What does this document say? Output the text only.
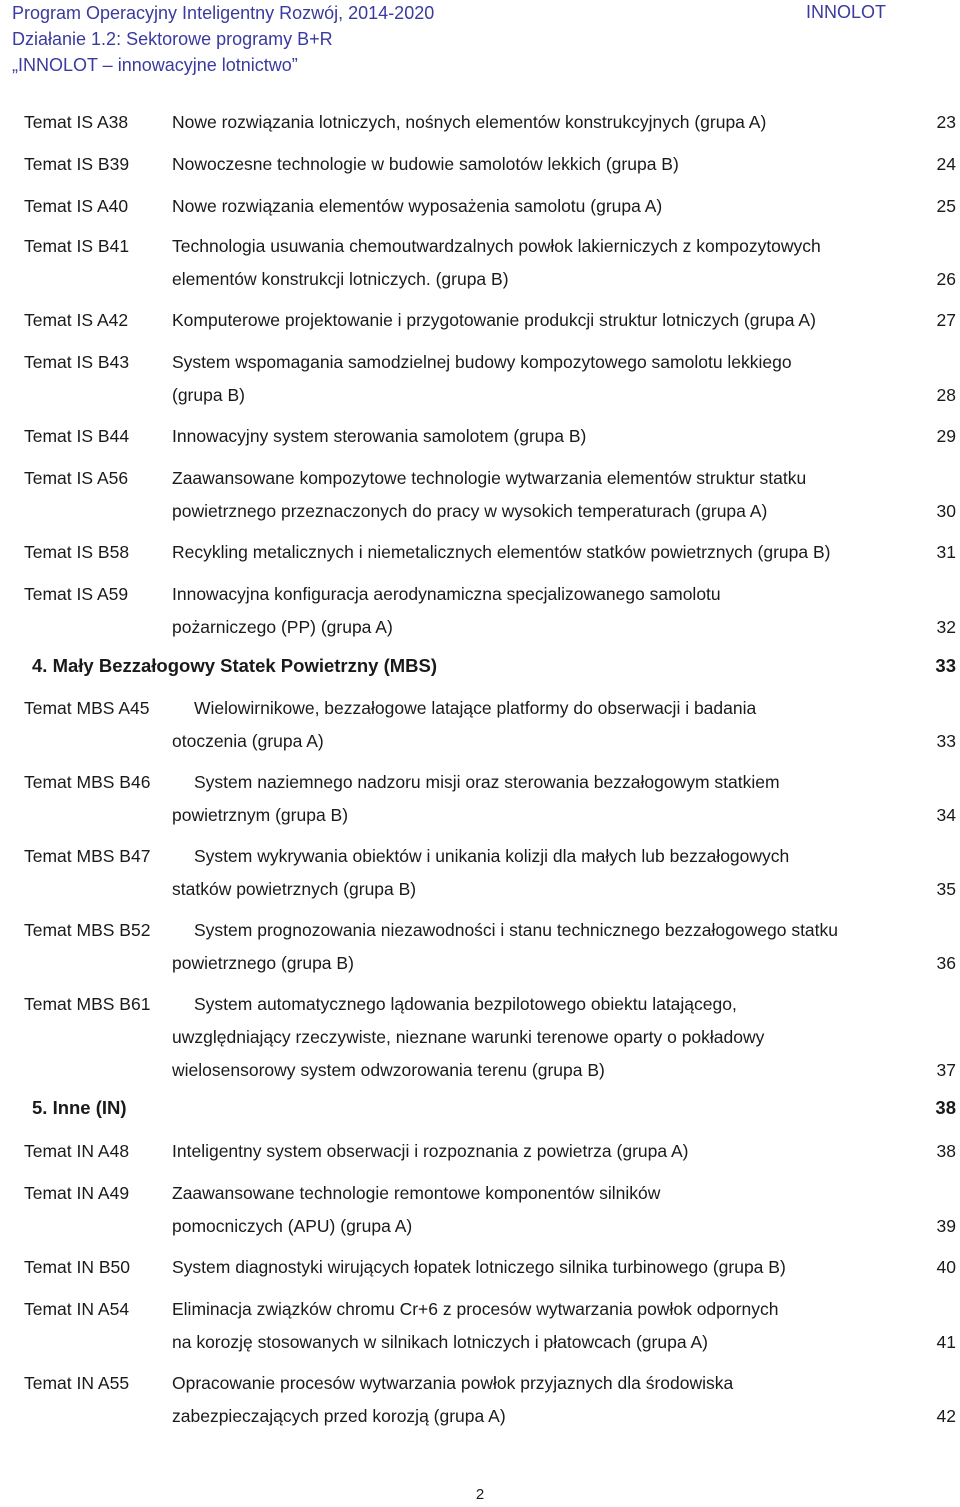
Program Operacyjny Inteligentny Rozwój, 2014-2020
Działanie 1.2: Sektorowe programy B+R
„INNOLOT – innowacyjne lotnictwo”
INNOLOT
Temat IS A38	Nowe rozwiązania lotniczych, nośnych elementów konstrukcyjnych (grupa A)	23
Temat IS B39 Nowoczesne technologie w budowie samolotów lekkich (grupa B)	24
Temat IS A40	Nowe rozwiązania elementów wyposażenia samolotu (grupa A)	25
Temat IS B41 Technologia usuwania chemoutwardzalnych powłok lakierniczych z kompozytowych
elementów konstrukcji lotniczych. (grupa B)	26
Temat IS A42	Komputerowe projektowanie i przygotowanie produkcji struktur lotniczych (grupa A)	27
Temat IS B43 System wspomagania samodzielnej budowy kompozytowego samolotu lekkiego
(grupa B)	28
Temat IS B44 Innowacyjny system sterowania samolotem (grupa B)	29
Temat IS A56	Zaawansowane kompozytowe technologie wytwarzania elementów struktur statku
powietrznego przeznaczonych do pracy w wysokich temperaturach (grupa A)	30
Temat IS B58 Recykling metalicznych i niemetalicznych elementów statków powietrznych (grupa B)	31
Temat IS A59	Innowacyjna konfiguracja aerodynamiczna specjalizowanego samolotu
pożarniczego (PP) (grupa A)	32
4. Mały Bezzałogowy Statek Powietrzny (MBS)	33
Temat MBS A45	Wielowirnikowe, bezzałogowe latające platformy do obserwacji i badania
otoczenia (grupa A)	33
Temat MBS B46	System naziemnego nadzoru misji oraz sterowania bezzałogowym statkiem
powietrznym (grupa B)	34
Temat MBS B47	System wykrywania obiektów i unikania kolizji dla małych lub bezzałogowych
statków powietrznych (grupa B)	35
Temat MBS B52	System prognozowania niezawodności i stanu technicznego bezzałogowego statku
powietrznego (grupa B)	36
Temat MBS B61	System automatycznego lądowania bezpilotowego obiektu latającego,
uwzględniający rzeczywiste, nieznane warunki terenowe oparty o pokładowy
wielosensorowy system odwzorowania terenu (grupa B)	37
5. Inne (IN)	38
Temat IN A48 Inteligentny system obserwacji i rozpoznania z powietrza (grupa A)	38
Temat IN A49 Zaawansowane technologie remontowe komponentów silników
pomocniczych (APU) (grupa A)	39
Temat IN B50 System diagnostyki wirujących łopatek lotniczego silnika turbinowego (grupa B)	40
Temat IN A54 Eliminacja związków chromu Cr+6 z procesów wytwarzania powłok odpornych
na korozję stosowanych w silnikach lotniczych i płatowcach (grupa A)	41
Temat IN A55 Opracowanie procesów wytwarzania powłok przyjaznych dla środowiska
zabezpieczających przed korozją (grupa A)	42
2
